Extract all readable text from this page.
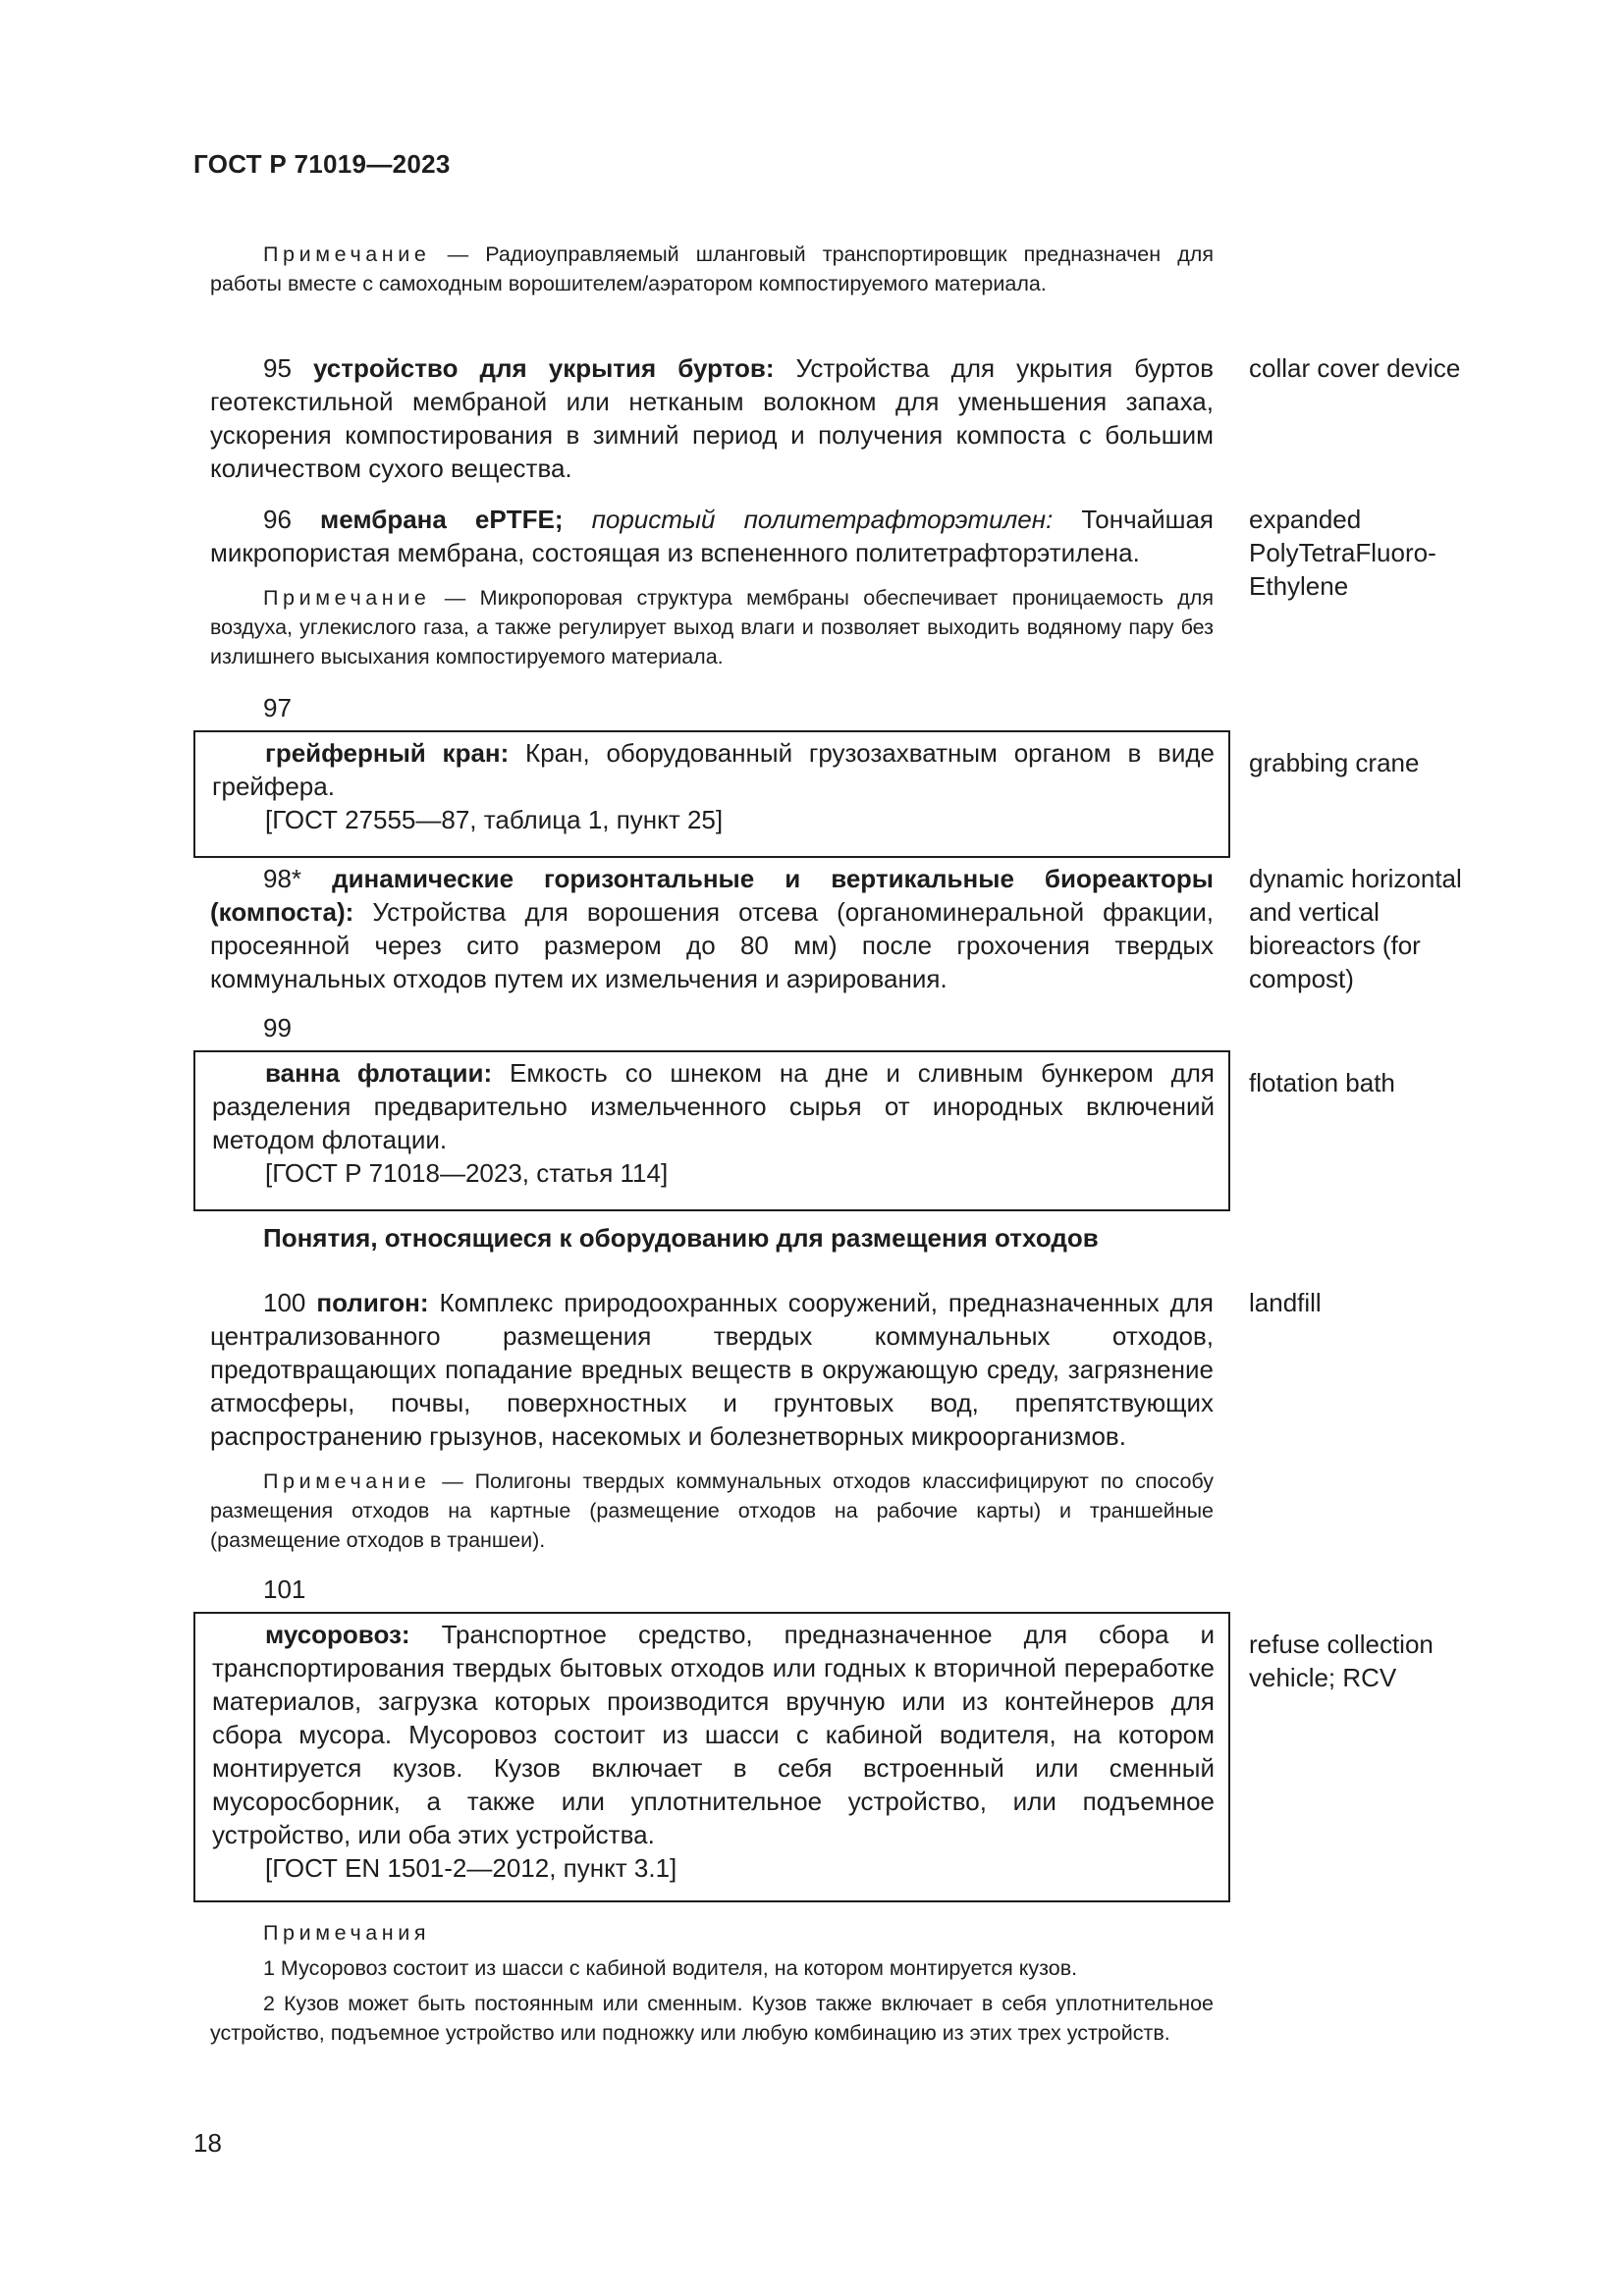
ГОСТ Р 71019—2023

Примечание — Радиоуправляемый шланговый транспортировщик предназначен для работы вместе с самоходным ворошителем/аэратором компостируемого материала.

95 устройство для укрытия буртов: Устройства для укрытия буртов геотекстильной мембраной или нетканым волокном для уменьшения запаха, ускорения компостирования в зимний период и получения компоста с большим количеством сухого вещества.

collar cover device

96 мембрана ePTFE; пористый политетрафторэтилен: Тончайшая микропористая мембрана, состоящая из вспененного политетрафторэтилена.

expanded PolyTetraFluoro-Ethylene

Примечание — Микропоровая структура мембраны обеспечивает проницаемость для воздуха, углекислого газа, а также регулирует выход влаги и позволяет выходить водяному пару без излишнего высыхания компостируемого материала.

97

грейферный кран: Кран, оборудованный грузозахватным органом в виде грейфера.

[ГОСТ 27555—87, таблица 1, пункт 25]

grabbing crane

98* динамические горизонтальные и вертикальные биореакторы (компоста): Устройства для ворошения отсева (органоминеральной фракции, просеянной через сито размером до 80 мм) после грохочения твердых коммунальных отходов путем их измельчения и аэрирования.

dynamic horizontal and vertical bioreactors (for compost)
99

ванна флотации: Емкость со шнеком на дне и сливным бункером для разделения предварительно измельченного сырья от инородных включений методом флотации.

[ГОСТ Р 71018—2023, статья 114]

flotation bath
Понятия, относящиеся к оборудованию для размещения отходов

100 полигон: Комплекс природоохранных сооружений, предназначенных для централизованного размещения твердых коммунальных отходов, предотвращающих попадание вредных веществ в окружающую среду, загрязнение атмосферы, почвы, поверхностных и грунтовых вод, препятствующих распространению грызунов, насекомых и болезнетворных микроорганизмов.

landfill

Примечание — Полигоны твердых коммунальных отходов классифицируют по способу размещения отходов на картные (размещение отходов на рабочие карты) и траншейные (размещение отходов в траншеи).

101

мусоровоз: Транспортное средство, предназначенное для сбора и транспортирования твердых бытовых отходов или годных к вторичной переработке материалов, загрузка которых производится вручную или из контейнеров для сбора мусора. Мусоровоз состоит из шасси с кабиной водителя, на котором монтируется кузов. Кузов включает в себя встроенный или сменный мусоросборник, а также или уплотнительное устройство, или подъемное устройство, или оба этих устройства.

[ГОСТ EN 1501-2—2012, пункт 3.1]

refuse collection vehicle; RCV

Примечания

1 Мусоровоз состоит из шасси с кабиной водителя, на котором монтируется кузов.

2 Кузов может быть постоянным или сменным. Кузов также включает в себя уплотнительное устройство, подъемное устройство или подножку или любую комбинацию из этих трех устройств.

18
